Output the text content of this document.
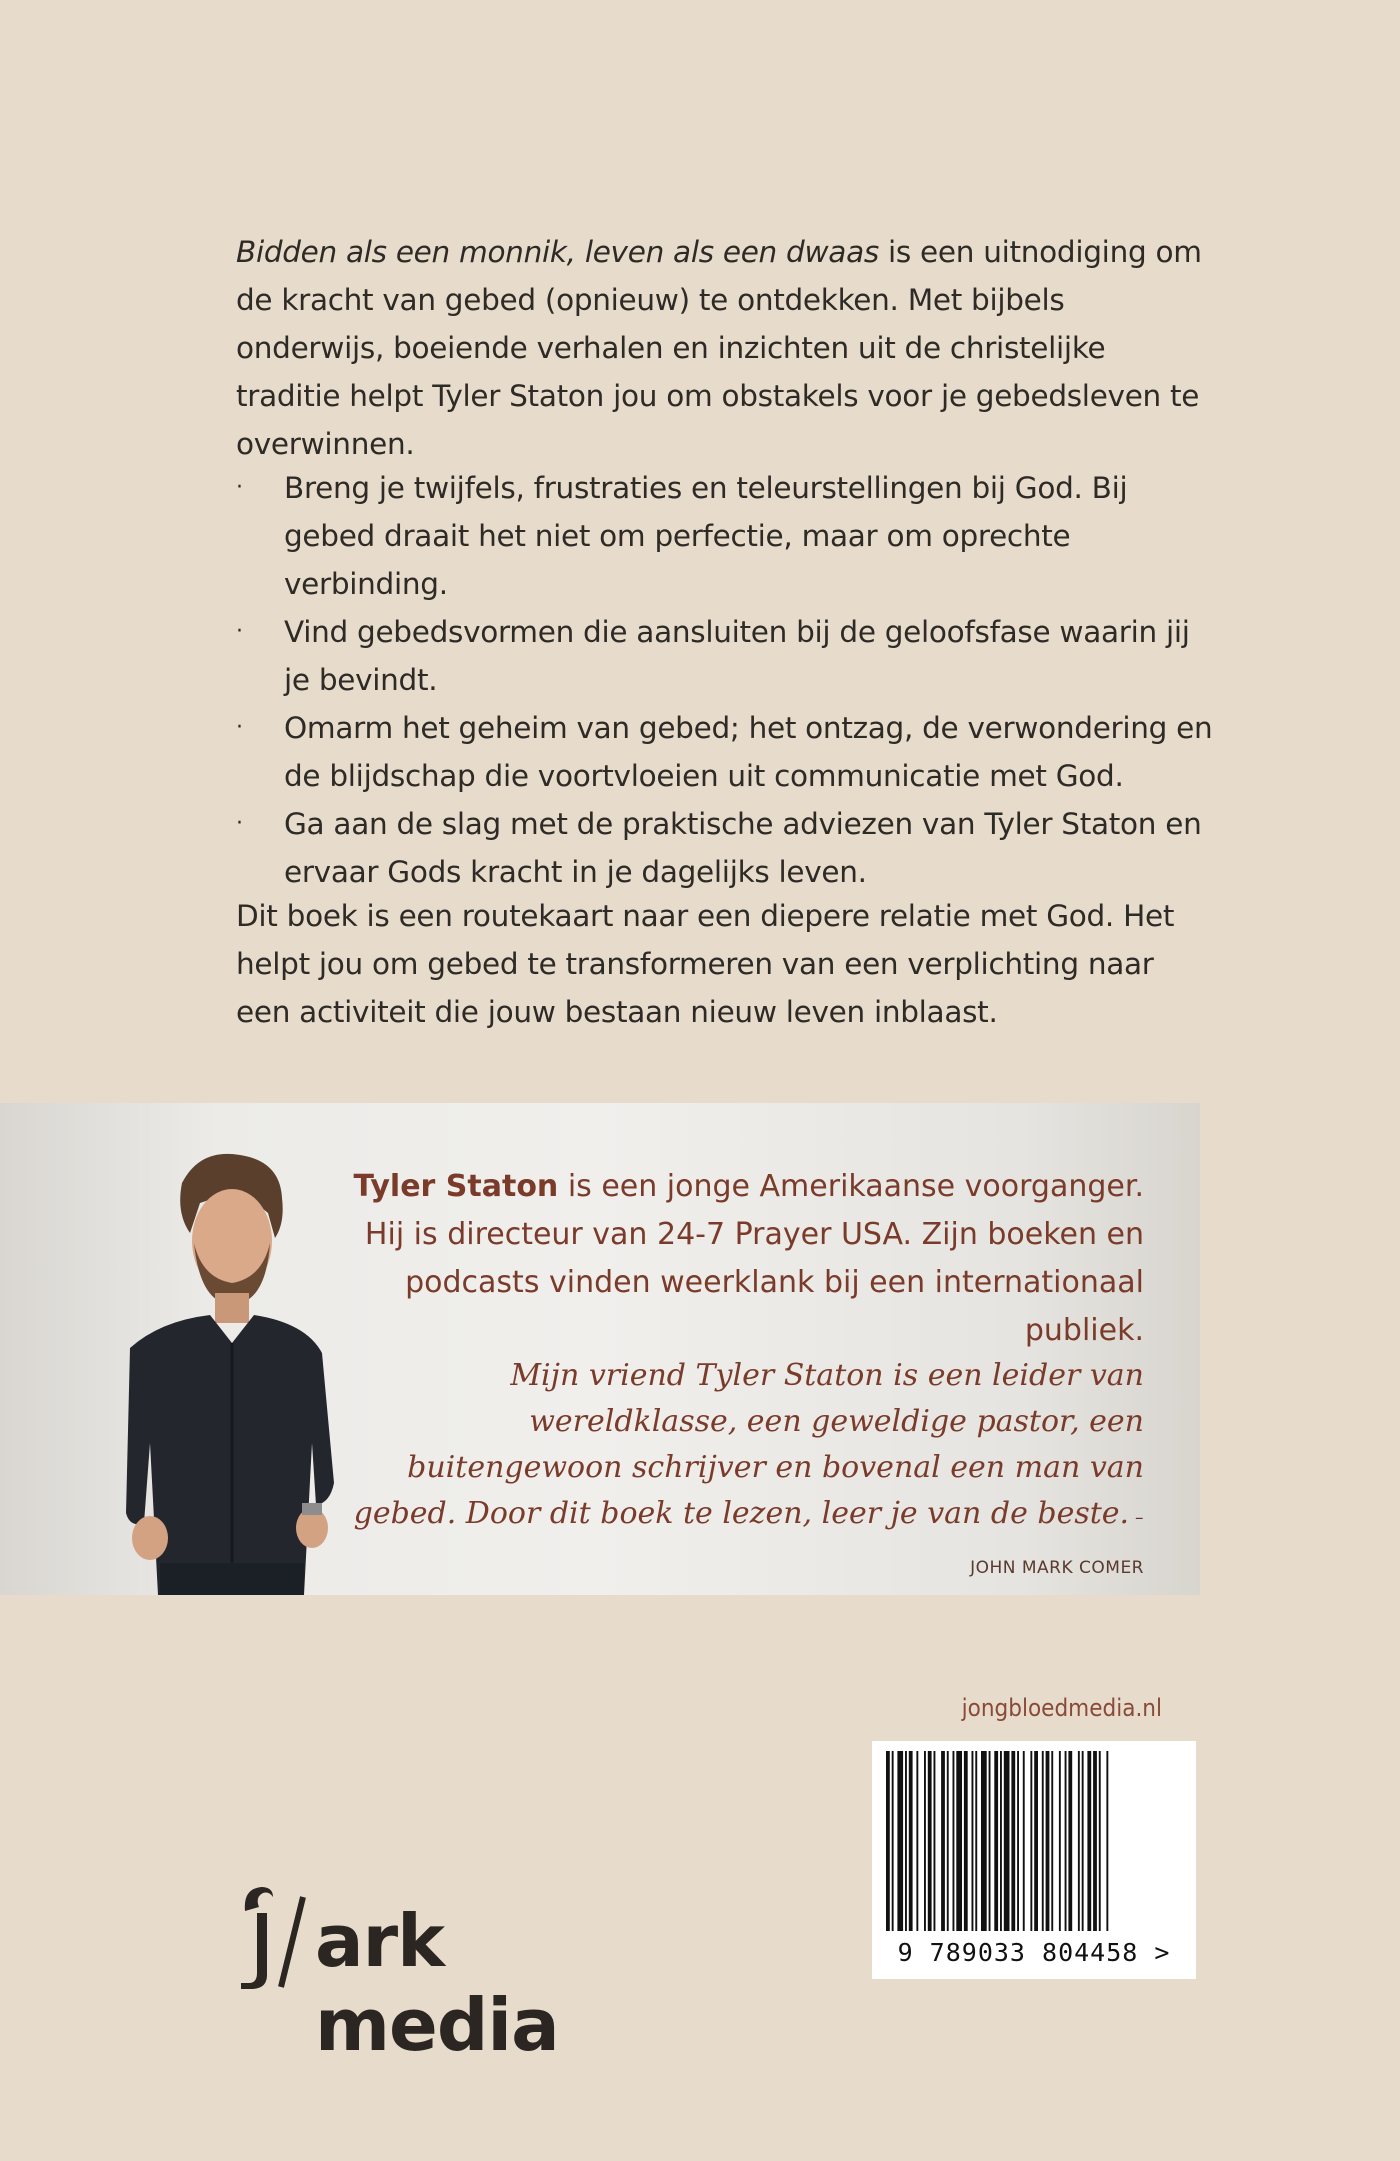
Bidden als een monnik, leven als een dwaas is een uitnodiging om de kracht van gebed (opnieuw) te ontdekken. Met bijbels onderwijs, boeiende verhalen en inzichten uit de christelijke traditie helpt Tyler Staton jou om obstakels voor je gebedsleven te overwinnen.

· Breng je twijfels, frustraties en teleurstellingen bij God. Bij gebed draait het niet om perfectie, maar om oprechte verbinding.
· Vind gebedsvormen die aansluiten bij de geloofsfase waarin jij je bevindt.
· Omarm het geheim van gebed; het ontzag, de verwondering en de blijdschap die voortvloeien uit communicatie met God.
· Ga aan de slag met de praktische adviezen van Tyler Staton en ervaar Gods kracht in je dagelijks leven.

Dit boek is een routekaart naar een diepere relatie met God. Het helpt jou om gebed te transformeren van een verplichting naar een activiteit die jouw bestaan nieuw leven inblaast.

Tyler Staton is een jonge Amerikaanse voorganger. Hij is directeur van 24-7 Prayer USA. Zijn boeken en podcasts vinden weerklank bij een internationaal publiek.

Mijn vriend Tyler Staton is een leider van wereldklasse, een geweldige pastor, een buitengewoon schrijver en bovenal een man van gebed. Door dit boek te lezen, leer je van de beste. – JOHN MARK COMER

jongbloedmedia.nl
9 789033 804458 >
ark media
